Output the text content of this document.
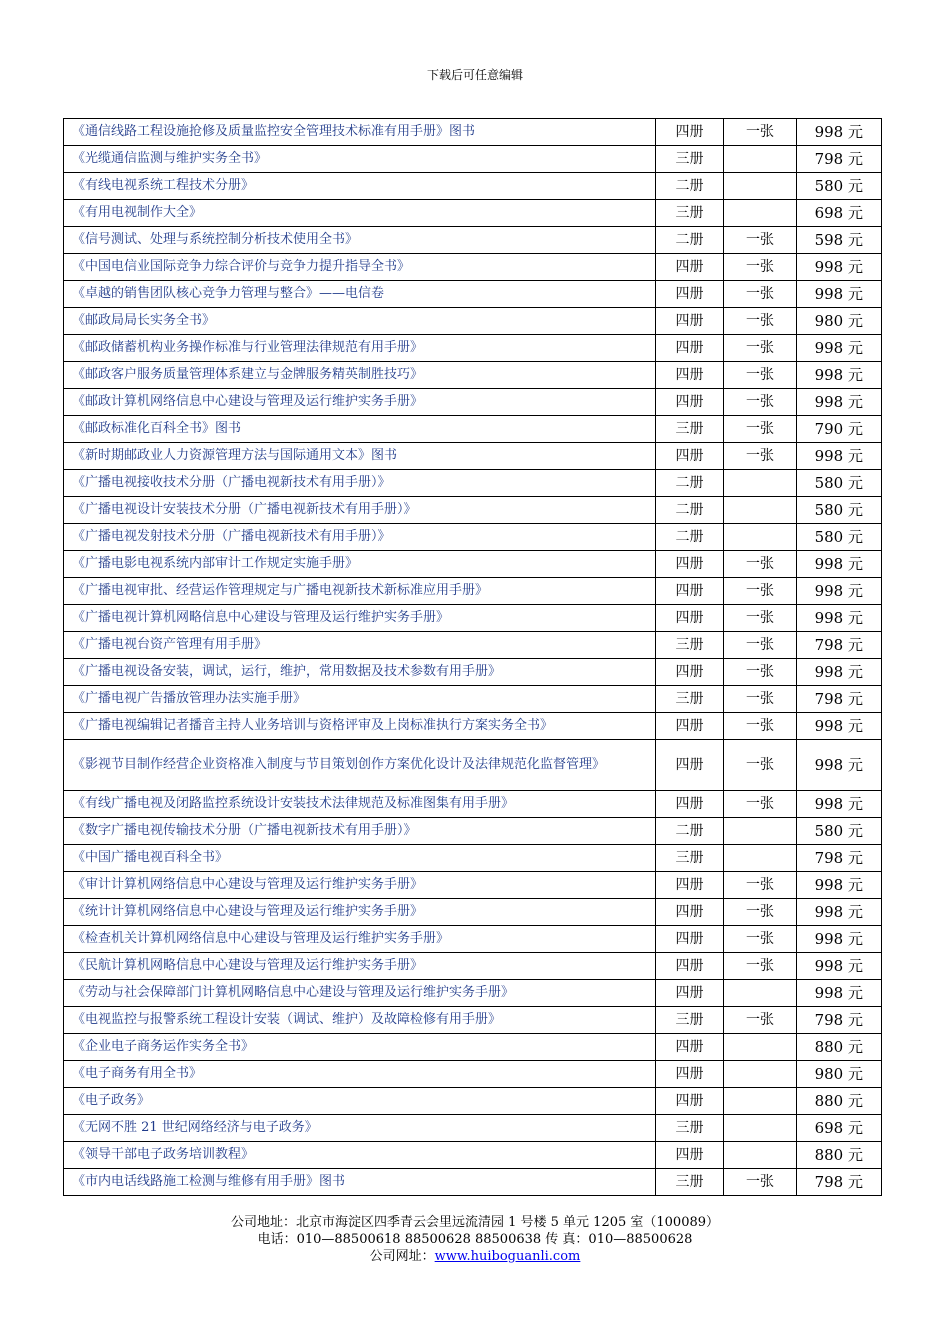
下载后可任意编辑
《通信线路工程设施抢修及质量监控安全管理技术标准有用手册》图书	四册	一张	998 元
《光缆通信监测与维护实务全书》	三册		798 元
《有线电视系统工程技术分册》	二册		580 元
《有用电视制作大全》	三册		698 元
《信号测试、处理与系统控制分析技术使用全书》	二册	一张	598 元
《中国电信业国际竞争力综合评价与竞争力提升指导全书》	四册	一张	998 元
《卓越的销售团队核心竞争力管理与整合》——电信卷	四册	一张	998 元
《邮政局局长实务全书》	四册	一张	980 元
《邮政储蓄机构业务操作标准与行业管理法律规范有用手册》	四册	一张	998 元
《邮政客户服务质量管理体系建立与金牌服务精英制胜技巧》	四册	一张	998 元
《邮政计算机网络信息中心建设与管理及运行维护实务手册》	四册	一张	998 元
《邮政标准化百科全书》图书	三册	一张	790 元
《新时期邮政业人力资源管理方法与国际通用文本》图书	四册	一张	998 元
《广播电视接收技术分册（广播电视新技术有用手册）》	二册		580 元
《广播电视设计安装技术分册（广播电视新技术有用手册）》	二册		580 元
《广播电视发射技术分册（广播电视新技术有用手册）》	二册		580 元
《广播电影电视系统内部审计工作规定实施手册》	四册	一张	998 元
《广播电视审批、经营运作管理规定与广播电视新技术新标准应用手册》	四册	一张	998 元
《广播电视计算机网略信息中心建设与管理及运行维护实务手册》	四册	一张	998 元
《广播电视台资产管理有用手册》	三册	一张	798 元
《广播电视设备安装，调试，运行，维护，常用数据及技术参数有用手册》	四册	一张	998 元
《广播电视广告播放管理办法实施手册》	三册	一张	798 元
《广播电视编辑记者播音主持人业务培训与资格评审及上岗标准执行方案实务全书》	四册	一张	998 元
《影视节目制作经营企业资格准入制度与节目策划创作方案优化设计及法律规范化监督管理》	四册	一张	998 元
《有线广播电视及闭路监控系统设计安装技术法律规范及标准图集有用手册》	四册	一张	998 元
《数字广播电视传输技术分册（广播电视新技术有用手册）》	二册		580 元
《中国广播电视百科全书》	三册		798 元
《审计计算机网络信息中心建设与管理及运行维护实务手册》	四册	一张	998 元
《统计计算机网络信息中心建设与管理及运行维护实务手册》	四册	一张	998 元
《检查机关计算机网络信息中心建设与管理及运行维护实务手册》	四册	一张	998 元
《民航计算机网略信息中心建设与管理及运行维护实务手册》	四册	一张	998 元
《劳动与社会保障部门计算机网略信息中心建设与管理及运行维护实务手册》	四册		998 元
《电视监控与报警系统工程设计安装（调试、维护）及故障检修有用手册》	三册	一张	798 元
《企业电子商务运作实务全书》	四册		880 元
《电子商务有用全书》	四册		980 元
《电子政务》	四册		880 元
《无网不胜 21 世纪网络经济与电子政务》	三册		698 元
《领导干部电子政务培训教程》	四册		880 元
《市内电话线路施工检测与维修有用手册》图书	三册	一张	798 元
公司地址：北京市海淀区四季青云会里远流清园 1 号楼 5 单元 1205 室（100089）
电话：010—88500618 88500628 88500638 传 真：010—88500628
公司网址：www.huiboguanli.com
